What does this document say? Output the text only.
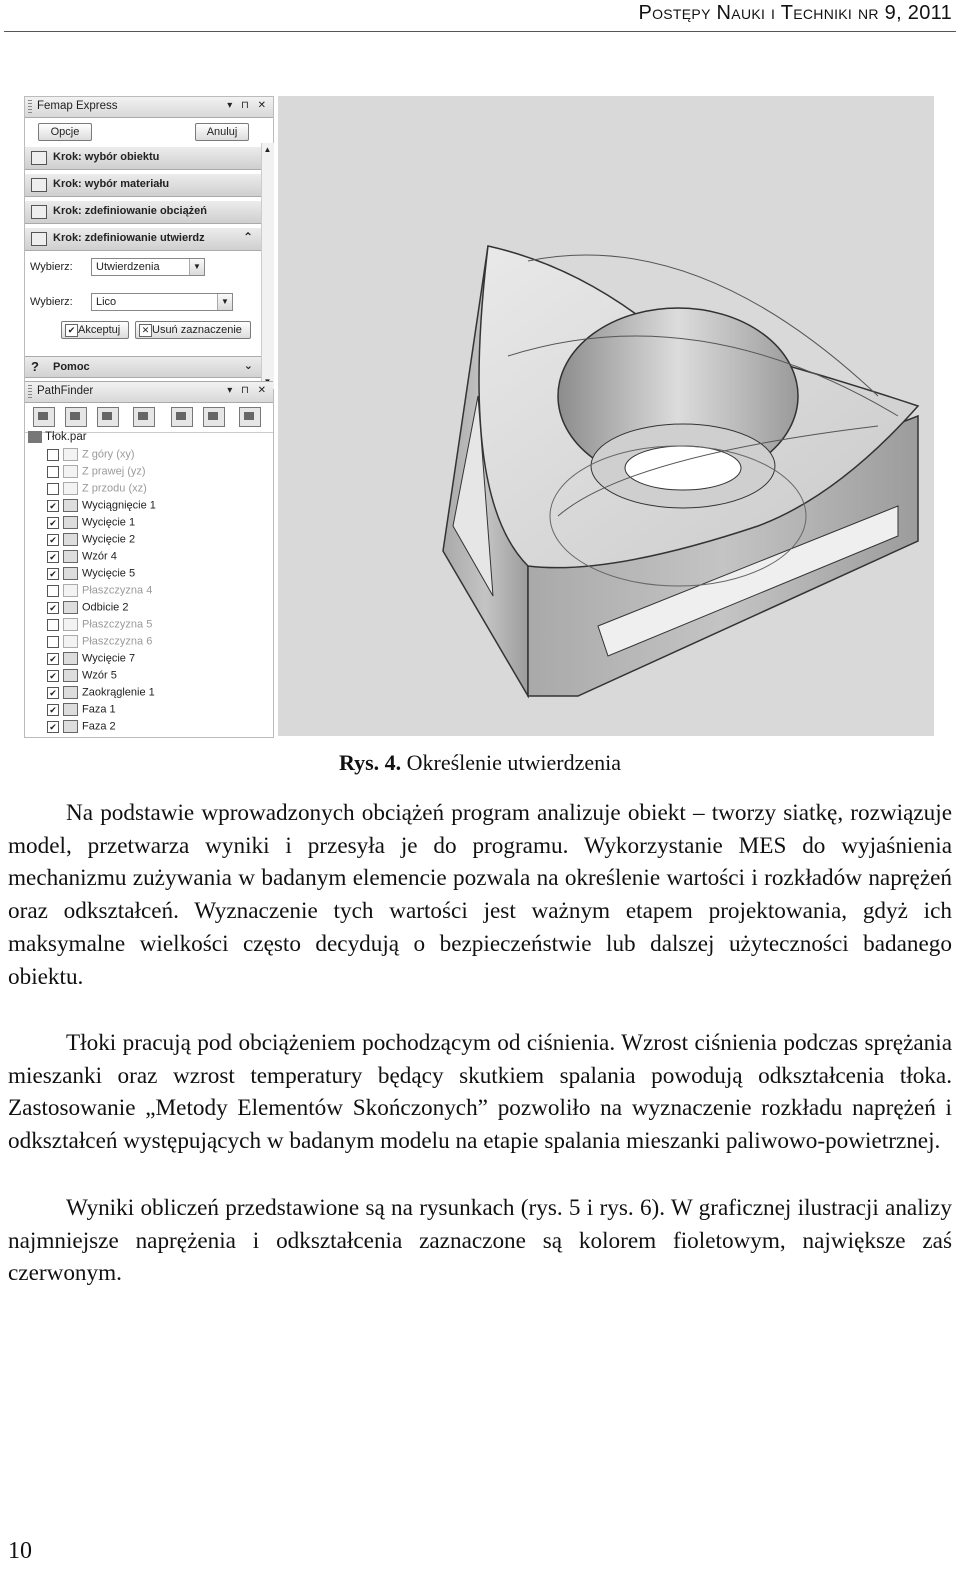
Postępy Nauki i Techniki nr 9, 2011
Femap Express	▾ ⊓ ✕
Opcje	Anuluj
Krok: wybór obiektu
Krok: wybór materiału
Krok: zdefiniowanie obciążeń
Krok: zdefiniowanie utwierdz	⌃
Wybierz: Utwierdzenia	▼
Wybierz: Lico	▼
✔ Akceptuj	✕ Usuń zaznaczenie
▲
? Pomoc	⌄
PathFinder	▾ ⊓ ✕
Tłok.par
Z góry (xy)
Z prawej (yz)
Z przodu (xz)
✔ Wyciągnięcie 1
✔ Wycięcie 1
✔ Wycięcie 2
✔ Wzór 4
✔ Wycięcie 5
Płaszczyzna 4
✔ Odbicie 2
Płaszczyzna 5
Płaszczyzna 6
✔ Wycięcie 7
✔ Wzór 5
✔ Zaokrąglenie 1
✔ Faza 1
✔ Faza 2
Rys. 4. Określenie utwierdzenia

Na podstawie wprowadzonych obciążeń program analizuje obiekt – tworzy siatkę, rozwiązuje model, przetwarza wyniki i przesyła je do programu. Wykorzystanie MES do wyjaśnienia mechanizmu zużywania w badanym elemencie pozwala na określenie wartości i rozkładów naprężeń oraz odkształceń. Wyznaczenie tych wartości jest ważnym etapem projektowania, gdyż ich maksymalne wielkości często decydują o bezpieczeństwie lub dalszej użyteczności badanego obiektu.

Tłoki pracują pod obciążeniem pochodzącym od ciśnienia. Wzrost ciśnienia podczas sprężania mieszanki oraz wzrost temperatury będący skutkiem spalania powodują odkształcenia tłoka. Zastosowanie „Metody Elementów Skończonych” pozwoliło na wyznaczenie rozkładu naprężeń i odkształceń występujących w badanym modelu na etapie spalania mieszanki paliwowo-powietrznej.

Wyniki obliczeń przedstawione są na rysunkach (rys. 5 i rys. 6). W graficznej ilustracji analizy najmniejsze naprężenia i odkształcenia zaznaczone są kolorem fioletowym, największe zaś czerwonym.

10
